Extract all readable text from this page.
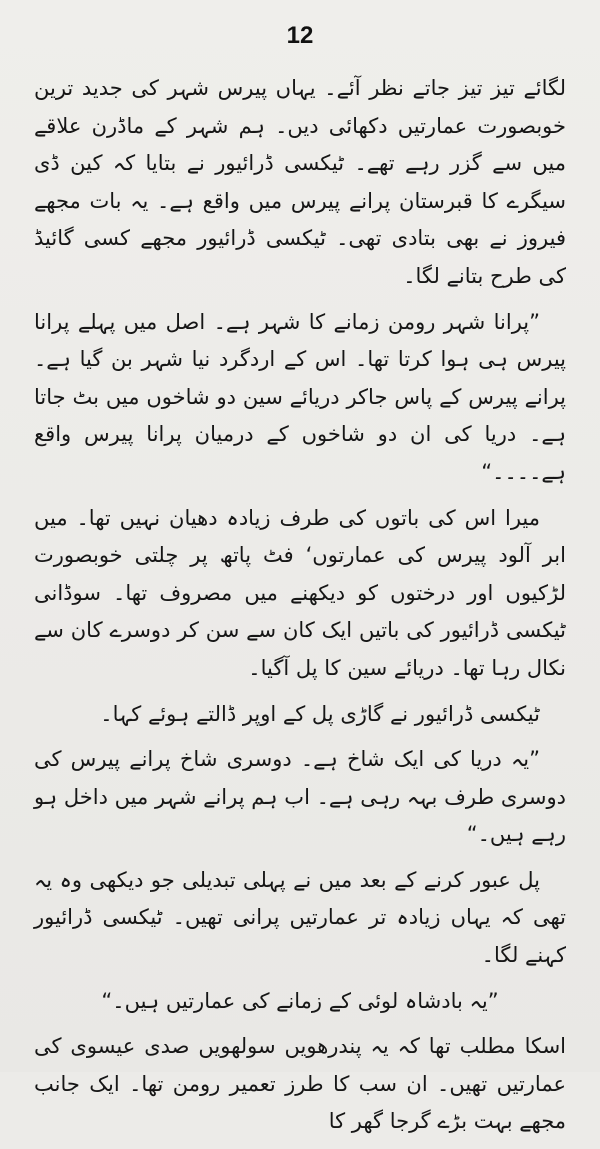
12

لگائے تیز تیز جاتے نظر آئے۔ یہاں پیرس شہر کی جدید ترین خوبصورت عمارتیں دکھائی دیں۔ ہم شہر کے ماڈرن علاقے میں سے گزر رہے تھے۔ ٹیکسی ڈرائیور نے بتایا کہ کین ڈی سیگرے کا قبرستان پرانے پیرس میں واقع ہے۔ یہ بات مجھے فیروز نے بھی بتادی تھی۔ ٹیکسی ڈرائیور مجھے کسی گائیڈ کی طرح بتانے لگا۔

”پرانا شہر رومن زمانے کا شہر ہے۔ اصل میں پہلے پرانا پیرس ہی ہوا کرتا تھا۔ اس کے اردگرد نیا شہر بن گیا ہے۔ پرانے پیرس کے پاس جاکر دریائے سین دو شاخوں میں بٹ جاتا ہے۔ دریا کی ان دو شاخوں کے درمیان پرانا پیرس واقع ہے۔۔۔۔“

میرا اس کی باتوں کی طرف زیادہ دھیان نہیں تھا۔ میں ابر آلود پیرس کی عمارتوں‘ فٹ پاتھ پر چلتی خوبصورت لڑکیوں اور درختوں کو دیکھنے میں مصروف تھا۔ سوڈانی ٹیکسی ڈرائیور کی باتیں ایک کان سے سن کر دوسرے کان سے نکال رہا تھا۔ دریائے سین کا پل آگیا۔

ٹیکسی ڈرائیور نے گاڑی پل کے اوپر ڈالتے ہوئے کہا۔

”یہ دریا کی ایک شاخ ہے۔ دوسری شاخ پرانے پیرس کی دوسری طرف بہہ رہی ہے۔ اب ہم پرانے شہر میں داخل ہو رہے ہیں۔“

پل عبور کرنے کے بعد میں نے پہلی تبدیلی جو دیکھی وہ یہ تھی کہ یہاں زیادہ تر عمارتیں پرانی تھیں۔ ٹیکسی ڈرائیور کہنے لگا۔

”یہ بادشاہ لوئی کے زمانے کی عمارتیں ہیں۔“

اسکا مطلب تھا کہ یہ پندرھویں سولھویں صدی عیسوی کی عمارتیں تھیں۔ ان سب کا طرز تعمیر رومن تھا۔ ایک جانب مجھے بہت بڑے گرجا گھر کا
